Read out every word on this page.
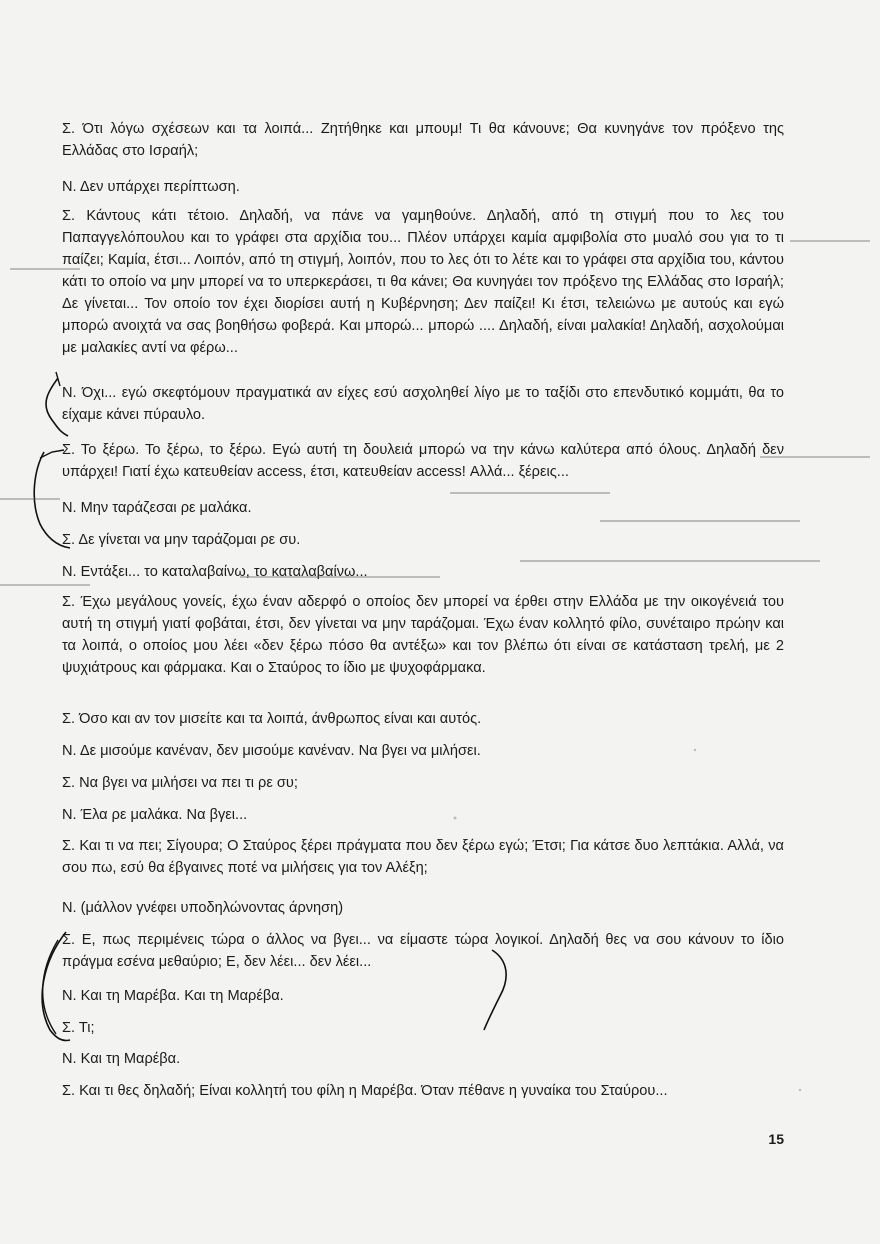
Σ. Ότι λόγω σχέσεων και τα λοιπά... Ζητήθηκε και μπουμ! Τι θα κάνουνε; Θα κυνηγάνε τον πρόξενο της Ελλάδας στο Ισραήλ;

Ν. Δεν υπάρχει περίπτωση.

Σ. Κάντους κάτι τέτοιο. Δηλαδή, να πάνε να γαμηθούνε. Δηλαδή, από τη στιγμή που το λες του Παπαγγελόπουλου και το γράφει στα αρχίδια του... Πλέον υπάρχει καμία αμφιβολία στο μυαλό σου για το τι παίζει; Καμία, έτσι... Λοιπόν, από τη στιγμή, λοιπόν, που το λες ότι το λέτε και το γράφει στα αρχίδια του, κάντου κάτι το οποίο να μην μπορεί να το υπερκεράσει, τι θα κάνει; Θα κυνηγάει τον πρόξενο της Ελλάδας στο Ισραήλ; Δε γίνεται... Τον οποίο τον έχει διορίσει αυτή η Κυβέρνηση; Δεν παίζει! Κι έτσι, τελειώνω με αυτούς και εγώ μπορώ ανοιχτά να σας βοηθήσω φοβερά. Και μπορώ... μπορώ .... Δηλαδή, είναι μαλακία! Δηλαδή, ασχολούμαι με μαλακίες αντί να φέρω...

Ν. Όχι... εγώ σκεφτόμουν πραγματικά αν είχες εσύ ασχοληθεί λίγο με το ταξίδι στο επενδυτικό κομμάτι, θα το είχαμε κάνει πύραυλο.

Σ. Το ξέρω. Το ξέρω, το ξέρω. Εγώ αυτή τη δουλειά μπορώ να την κάνω καλύτερα από όλους. Δηλαδή δεν υπάρχει! Γιατί έχω κατευθείαν access, έτσι, κατευθείαν access! Αλλά... ξέρεις...

Ν. Μην ταράζεσαι ρε μαλάκα.

Σ. Δε γίνεται να μην ταράζομαι ρε συ.

Ν. Εντάξει... το καταλαβαίνω, το καταλαβαίνω...

Σ. Έχω μεγάλους γονείς, έχω έναν αδερφό ο οποίος δεν μπορεί να έρθει στην Ελλάδα με την οικογένειά του αυτή τη στιγμή γιατί φοβάται, έτσι, δεν γίνεται να μην ταράζομαι. Έχω έναν κολλητό φίλο, συνέταιρο πρώην και τα λοιπά, ο οποίος μου λέει «δεν ξέρω πόσο θα αντέξω» και τον βλέπω ότι είναι σε κατάσταση τρελή, με 2 ψυχιάτρους και φάρμακα. Και ο Σταύρος το ίδιο με ψυχοφάρμακα.

Σ. Όσο και αν τον μισείτε και τα λοιπά, άνθρωπος είναι και αυτός.

Ν. Δε μισούμε κανέναν, δεν μισούμε κανέναν. Να βγει να μιλήσει.

Σ. Να βγει να μιλήσει να πει τι ρε συ;

Ν. Έλα ρε μαλάκα. Να βγει...

Σ. Και τι να πει; Σίγουρα; Ο Σταύρος ξέρει πράγματα που δεν ξέρω εγώ; Έτσι; Για κάτσε δυο λεπτάκια. Αλλά, να σου πω, εσύ θα έβγαινες ποτέ να μιλήσεις για τον Αλέξη;

Ν. (μάλλον γνέφει υποδηλώνοντας άρνηση)

Σ. Ε, πως περιμένεις τώρα ο άλλος να βγει... να είμαστε τώρα λογικοί. Δηλαδή θες να σου κάνουν το ίδιο πράγμα εσένα μεθαύριο; Ε, δεν λέει... δεν λέει...

Ν. Και τη Μαρέβα. Και τη Μαρέβα.

Σ. Τι;

Ν. Και τη Μαρέβα.

Σ. Και τι θες δηλαδή; Είναι κολλητή του φίλη η Μαρέβα. Όταν πέθανε η γυναίκα του Σταύρου...

15
